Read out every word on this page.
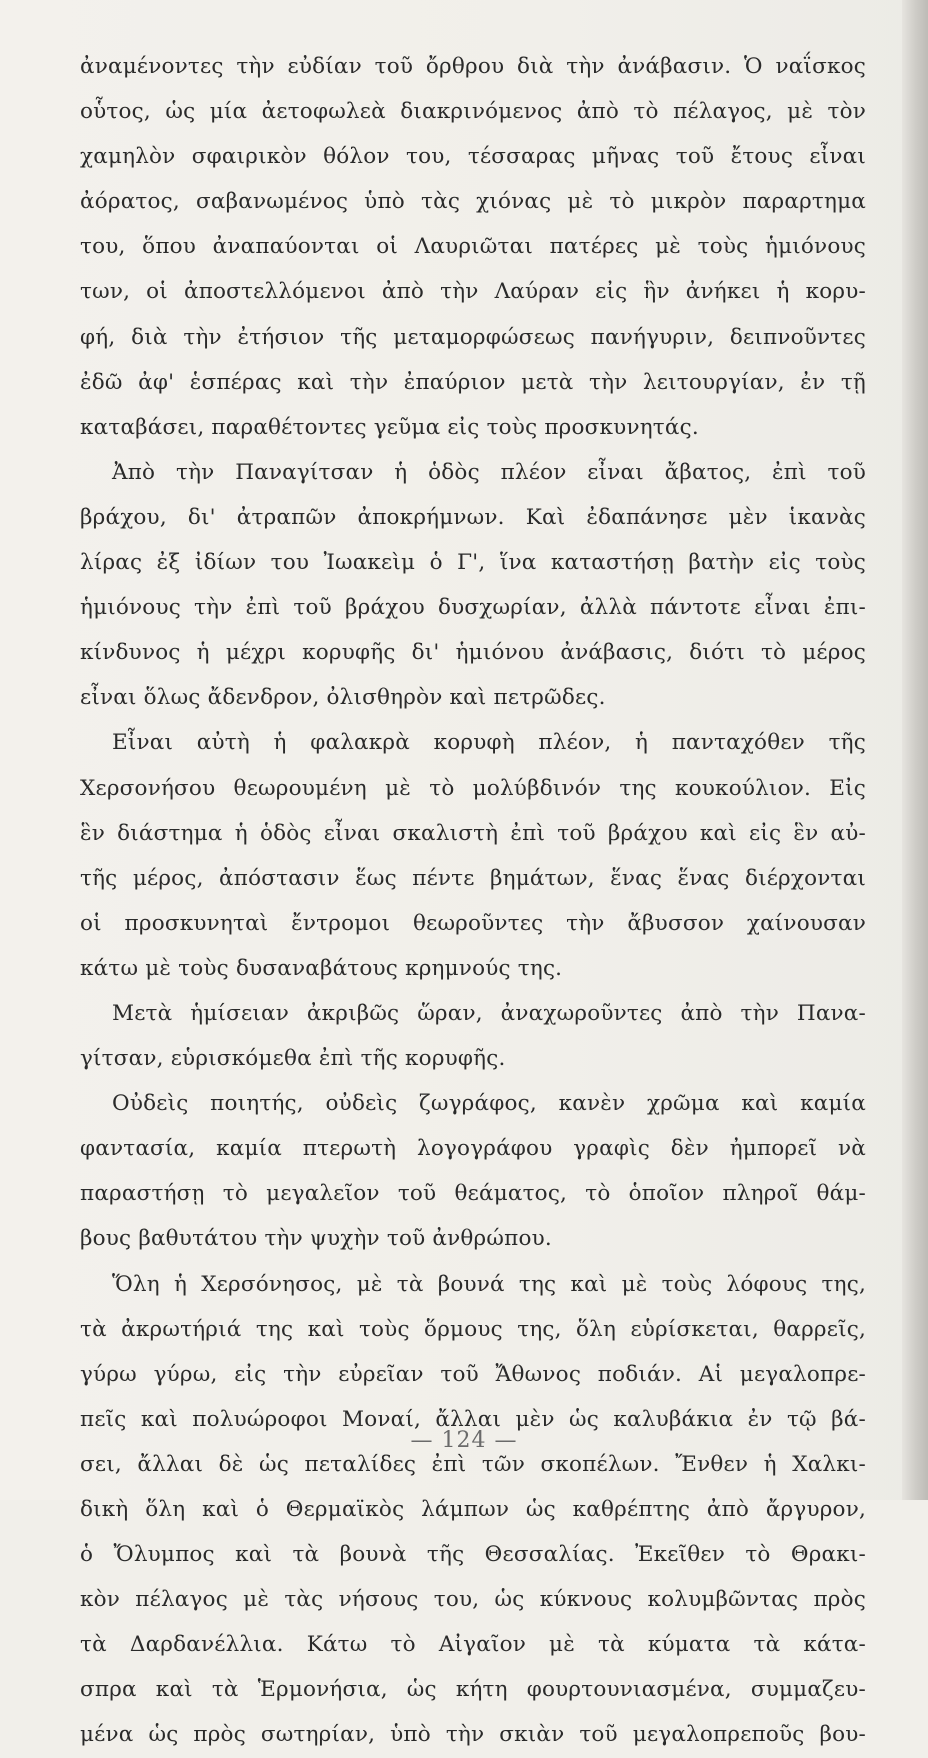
ἀναμένοντες τὴν εὐδίαν τοῦ ὄρθρου διὰ τὴν ἀνάβασιν. Ὁ ναΐσκος
οὗτος, ὡς μία ἀετοφωλεὰ διακρινόμενος ἀπὸ τὸ πέλαγος, μὲ τὸν
χαμηλὸν σφαιρικὸν θόλον του, τέσσαρας μῆνας τοῦ ἔτους εἶναι
ἀόρατος, σαβανωμένος ὑπὸ τὰς χιόνας μὲ τὸ μικρὸν παραρτημα
του, ὅπου ἀναπαύονται οἱ Λαυριῶται πατέρες μὲ τοὺς ἡμιόνους
των, οἱ ἀποστελλόμενοι ἀπὸ τὴν Λαύραν εἰς ἣν ἀνήκει ἡ κορυ-
φή, διὰ τὴν ἐτήσιον τῆς μεταμορφώσεως πανήγυριν, δειπνοῦντες
ἐδῶ ἀφ' ἑσπέρας καὶ τὴν ἐπαύριον μετὰ τὴν λειτουργίαν, ἐν τῇ
καταβάσει, παραθέτοντες γεῦμα εἰς τοὺς προσκυνητάς.
Ἀπὸ τὴν Παναγίτσαν ἡ ὁδὸς πλέον εἶναι ἄβατος, ἐπὶ τοῦ
βράχου, δι' ἀτραπῶν ἀποκρήμνων. Καὶ ἐδαπάνησε μὲν ἱκανὰς
λίρας ἐξ ἰδίων του Ἰωακεὶμ ὁ Γ', ἵνα καταστήσῃ βατὴν εἰς τοὺς
ἡμιόνους τὴν ἐπὶ τοῦ βράχου δυσχωρίαν, ἀλλὰ πάντοτε εἶναι ἐπι-
κίνδυνος ἡ μέχρι κορυφῆς δι' ἡμιόνου ἀνάβασις, διότι τὸ μέρος
εἶναι ὅλως ἄδενδρον, ὀλισθηρὸν καὶ πετρῶδες.
Εἶναι αὐτὴ ἡ φαλακρὰ κορυφὴ πλέον, ἡ πανταχόθεν τῆς
Χερσονήσου θεωρουμένη μὲ τὸ μολύβδινόν της κουκούλιον. Εἰς
ἓν διάστημα ἡ ὁδὸς εἶναι σκαλιστὴ ἐπὶ τοῦ βράχου καὶ εἰς ἓν αὐ-
τῆς μέρος, ἀπόστασιν ἕως πέντε βημάτων, ἕνας ἕνας διέρχονται
οἱ προσκυνηταὶ ἔντρομοι θεωροῦντες τὴν ἄβυσσον χαίνουσαν
κάτω μὲ τοὺς δυσαναβάτους κρημνούς της.
Μετὰ ἡμίσειαν ἀκριβῶς ὥραν, ἀναχωροῦντες ἀπὸ τὴν Πανα-
γίτσαν, εὑρισκόμεθα ἐπὶ τῆς κορυφῆς.
Οὐδεὶς ποιητής, οὐδεὶς ζωγράφος, κανὲν χρῶμα καὶ καμία
φαντασία, καμία πτερωτὴ λογογράφου γραφὶς δὲν ἠμπορεῖ νὰ
παραστήσῃ τὸ μεγαλεῖον τοῦ θεάματος, τὸ ὁποῖον πληροῖ θάμ-
βους βαθυτάτου τὴν ψυχὴν τοῦ ἀνθρώπου.
Ὅλη ἡ Χερσόνησος, μὲ τὰ βουνά της καὶ μὲ τοὺς λόφους της,
τὰ ἀκρωτήριά της καὶ τοὺς ὅρμους της, ὅλη εὑρίσκεται, θαρρεῖς,
γύρω γύρω, εἰς τὴν εὐρεῖαν τοῦ Ἄθωνος ποδιάν. Αἱ μεγαλοπρε-
πεῖς καὶ πολυώροφοι Μοναί, ἄλλαι μὲν ὡς καλυβάκια ἐν τῷ βά-
σει, ἄλλαι δὲ ὡς πεταλίδες ἐπὶ τῶν σκοπέλων. Ἔνθεν ἡ Χαλκι-
δικὴ ὅλη καὶ ὁ Θερμαϊκὸς λάμπων ὡς καθρέπτης ἀπὸ ἄργυρον,
ὁ Ὄλυμπος καὶ τὰ βουνὰ τῆς Θεσσαλίας. Ἐκεῖθεν τὸ Θρακι-
κὸν πέλαγος μὲ τὰς νήσους του, ὡς κύκνους κολυμβῶντας πρὸς
τὰ Δαρδανέλλια. Κάτω τὸ Αἰγαῖον μὲ τὰ κύματα τὰ κάτα-
σπρα καὶ τὰ Ἑρμονήσια, ὡς κήτη φουρτουνιασμένα, συμμαζευ-
μένα ὡς πρὸς σωτηρίαν, ὑπὸ τὴν σκιὰν τοῦ μεγαλοπρεποῦς βου-
— 124 —
